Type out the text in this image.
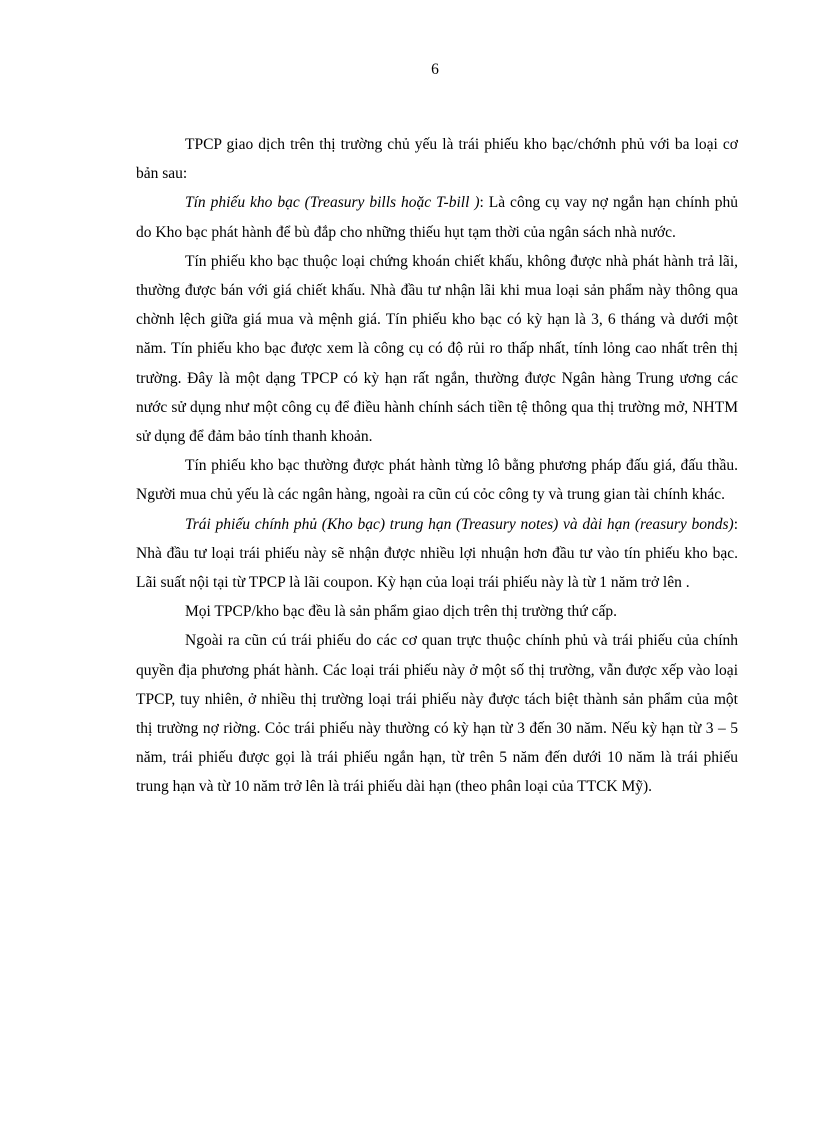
6

TPCP giao dịch trên thị trường chủ yếu là trái phiếu kho bạc/chớnh phủ với ba loại cơ bản sau:

Tín phiếu kho bạc (Treasury bills hoặc T-bill ): Là công cụ vay nợ ngắn hạn chính phủ do Kho bạc phát hành để bù đắp cho những thiếu hụt tạm thời của ngân sách nhà nước.

Tín phiếu kho bạc thuộc loại chứng khoán chiết khấu, không được nhà phát hành trả lãi, thường được bán với giá chiết khấu. Nhà đầu tư nhận lãi khi mua loại sản phẩm này thông qua chờnh lệch giữa giá mua và mệnh giá. Tín phiếu kho bạc có kỳ hạn là 3, 6 tháng và dưới một năm. Tín phiếu kho bạc được xem là công cụ có độ rủi ro thấp nhất, tính lỏng cao nhất trên thị trường. Đây là một dạng TPCP có kỳ hạn rất ngắn, thường được Ngân hàng Trung ương các nước sử dụng như một công cụ để điều hành chính sách tiền tệ thông qua thị trường mở, NHTM sử dụng để đảm bảo tính thanh khoản.

Tín phiếu kho bạc thường được phát hành từng lô bằng phương pháp đấu giá, đấu thầu. Người mua chủ yếu là các ngân hàng, ngoài ra cũn cú cỏc công ty và trung gian tài chính khác.

Trái phiếu chính phủ (Kho bạc) trung hạn (Treasury notes) và dài hạn (reasury bonds): Nhà đầu tư loại trái phiếu này sẽ nhận được nhiều lợi nhuận hơn đầu tư vào tín phiếu kho bạc. Lãi suất nội tại từ TPCP là lãi coupon. Kỳ hạn của loại trái phiếu này là từ 1 năm trở lên .

Mọi TPCP/kho bạc đều là sản phẩm giao dịch trên thị trường thứ cấp.

Ngoài ra cũn cú trái phiếu do các cơ quan trực thuộc chính phủ và trái phiếu của chính quyền địa phương phát hành. Các loại trái phiếu này ở một số thị trường, vẫn được xếp vào loại TPCP, tuy nhiên, ở nhiều thị trường loại trái phiếu này được tách biệt thành sản phẩm của một thị trường nợ riờng. Cỏc trái phiếu này thường có kỳ hạn từ 3 đến 30 năm. Nếu kỳ hạn từ 3 – 5 năm, trái phiếu được gọi là trái phiếu ngắn hạn, từ trên 5 năm đến dưới 10 năm là trái phiếu trung hạn và từ 10 năm trở lên là trái phiếu dài hạn (theo phân loại của TTCK Mỹ).
